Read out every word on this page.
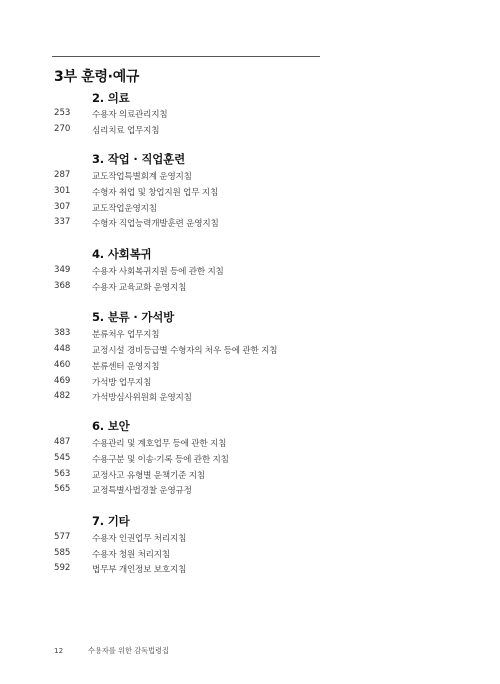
3부 훈령·예규
2. 의료
253	수용자 의료관리지침
270	심리치료 업무지침
3. 작업 · 직업훈련
287	교도작업특별회계 운영지침
301	수형자 취업 및 창업지원 업무 지침
307	교도작업운영지침
337	수형자 직업능력개발훈련 운영지침
4. 사회복귀
349	수용자 사회복귀지원 등에 관한 지침
368	수용자 교육교화 운영지침
5. 분류 · 가석방
383	분류처우 업무지침
448	교정시설 경비등급별 수형자의 처우 등에 관한 지침
460	분류센터 운영지침
469	가석방 업무지침
482	가석방심사위원회 운영지침
6. 보안
487	수용관리 및 계호업무 등에 관한 지침
545	수용구분 및 이송·기록 등에 관한 지침
563	교정사고 유형별 운책기준 지침
565	교정특별사법경찰 운영규정
7. 기타
577	수용자 인권업무 처리지침
585	수용자 청원 처리지침
592	법무부 개인정보 보호지침
12	수용자를 위한 감독법령집
